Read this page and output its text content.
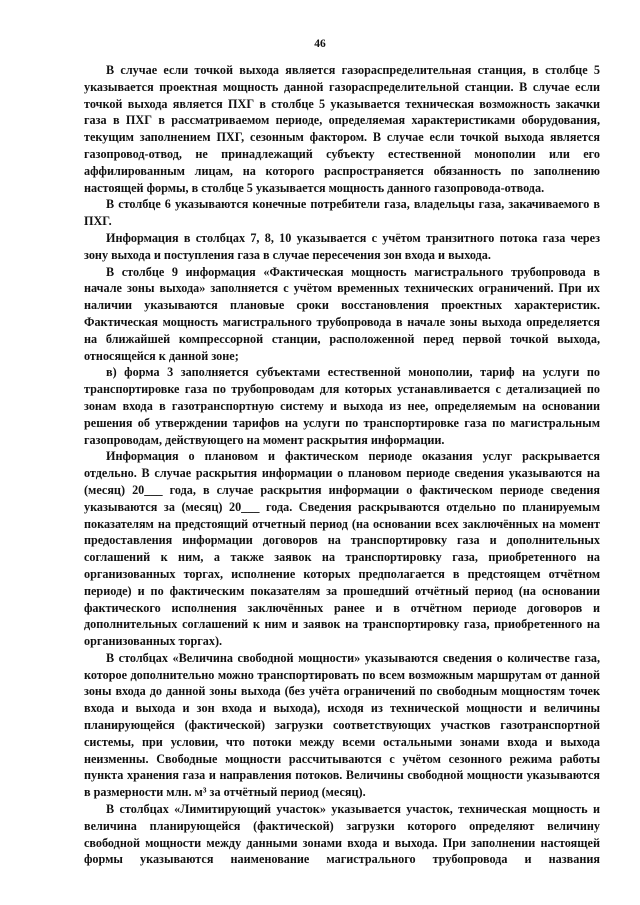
46

В случае если точкой выхода является газораспределительная станция, в столбце 5 указывается проектная мощность данной газораспределительной станции. В случае если точкой выхода является ПХГ в столбце 5 указывается техническая возможность закачки газа в ПХГ в рассматриваемом периоде, определяемая характеристиками оборудования, текущим заполнением ПХГ, сезонным фактором. В случае если точкой выхода является газопровод-отвод, не принадлежащий субъекту естественной монополии или его аффилированным лицам, на которого распространяется обязанность по заполнению настоящей формы, в столбце 5 указывается мощность данного газопровода-отвода.

В столбце 6 указываются конечные потребители газа, владельцы газа, закачиваемого в ПХГ.

Информация в столбцах 7, 8, 10 указывается с учётом транзитного потока газа через зону выхода и поступления газа в случае пересечения зон входа и выхода.

В столбце 9 информация «Фактическая мощность магистрального трубопровода в начале зоны выхода» заполняется с учётом временных технических ограничений. При их наличии указываются плановые сроки восстановления проектных характеристик. Фактическая мощность магистрального трубопровода в начале зоны выхода определяется на ближайшей компрессорной станции, расположенной перед первой точкой выхода, относящейся к данной зоне;

в) форма 3 заполняется субъектами естественной монополии, тариф на услуги по транспортировке газа по трубопроводам для которых устанавливается с детализацией по зонам входа в газотранспортную систему и выхода из нее, определяемым на основании решения об утверждении тарифов на услуги по транспортировке газа по магистральным газопроводам, действующего на момент раскрытия информации.

Информация о плановом и фактическом периоде оказания услуг раскрывается отдельно. В случае раскрытия информации о плановом периоде сведения указываются на (месяц) 20___ года, в случае раскрытия информации о фактическом периоде сведения указываются за (месяц) 20___ года. Сведения раскрываются отдельно по планируемым показателям на предстоящий отчетный период (на основании всех заключённых на момент предоставления информации договоров на транспортировку газа и дополнительных соглашений к ним, а также заявок на транспортировку газа, приобретенного на организованных торгах, исполнение которых предполагается в предстоящем отчётном периоде) и по фактическим показателям за прошедший отчётный период (на основании фактического исполнения заключённых ранее и в отчётном периоде договоров и дополнительных соглашений к ним и заявок на транспортировку газа, приобретенного на организованных торгах).

В столбцах «Величина свободной мощности» указываются сведения о количестве газа, которое дополнительно можно транспортировать по всем возможным маршрутам от данной зоны входа до данной зоны выхода (без учёта ограничений по свободным мощностям точек входа и выхода и зон входа и выхода), исходя из технической мощности и величины планирующейся (фактической) загрузки соответствующих участков газотранспортной системы, при условии, что потоки между всеми остальными зонами входа и выхода неизменны. Свободные мощности рассчитываются с учётом сезонного режима работы пункта хранения газа и направления потоков. Величины свободной мощности указываются в размерности млн. м³ за отчётный период (месяц).

В столбцах «Лимитирующий участок» указывается участок, техническая мощность и величина планирующейся (фактической) загрузки которого определяют величину свободной мощности между данными зонами входа и выхода. При заполнении настоящей формы указываются наименование магистрального трубопровода и названия
